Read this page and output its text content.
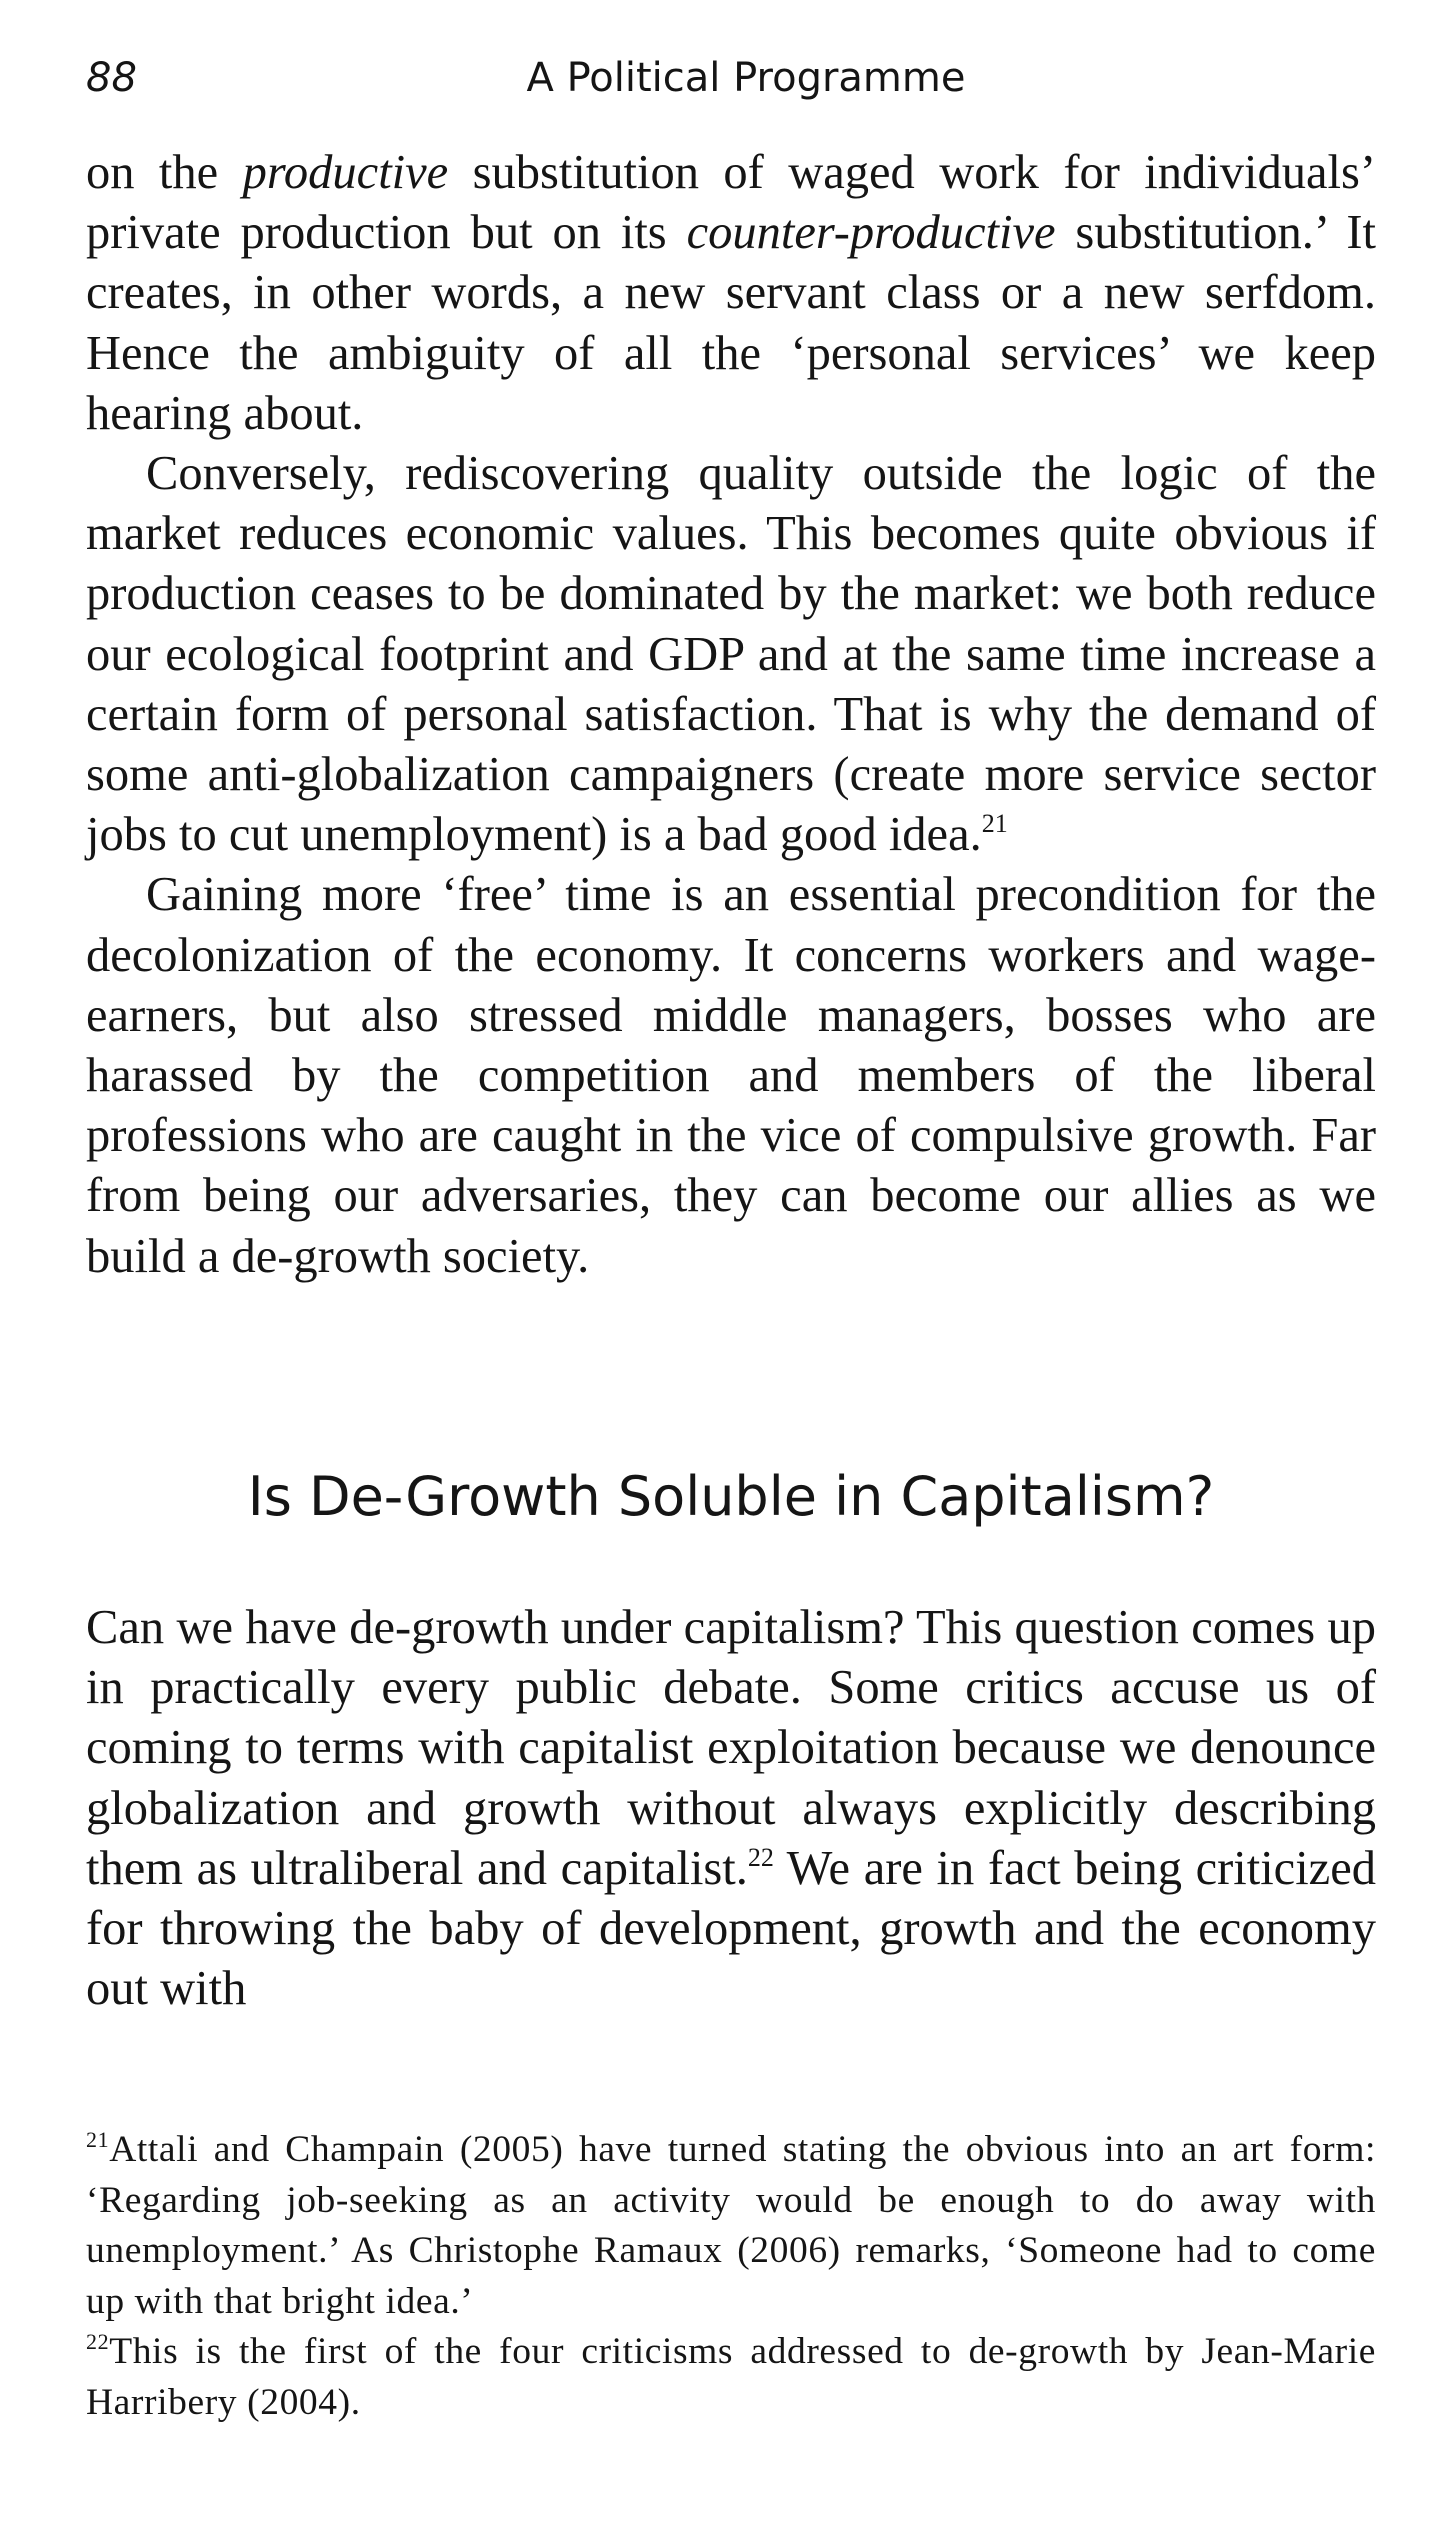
88	A Political Programme

on the productive substitution of waged work for individuals’ private production but on its counter-productive substitution.’ It creates, in other words, a new servant class or a new serfdom. Hence the ambiguity of all the ‘personal services’ we keep hearing about.

Conversely, rediscovering quality outside the logic of the market reduces economic values. This becomes quite obvious if production ceases to be dominated by the market: we both reduce our ecological footprint and GDP and at the same time increase a certain form of personal satisfaction. That is why the demand of some anti-globalization campaigners (create more service sector jobs to cut unemployment) is a bad good idea.$^{21}$

Gaining more ‘free’ time is an essential precondition for the decolonization of the economy. It concerns workers and wage-earners, but also stressed middle managers, bosses who are harassed by the competition and members of the liberal professions who are caught in the vice of compulsive growth. Far from being our adversaries, they can become our allies as we build a de-growth society.

Is De-Growth Soluble in Capitalism?

Can we have de-growth under capitalism? This question comes up in practically every public debate. Some critics accuse us of coming to terms with capitalist exploitation because we denounce globalization and growth without always explicitly describing them as ultraliberal and capitalist.$^{22}$ We are in fact being criticized for throwing the baby of development, growth and the economy out with

$^{21}$Attali and Champain (2005) have turned stating the obvious into an art form: ‘Regarding job-seeking as an activity would be enough to do away with unemployment.’ As Christophe Ramaux (2006) remarks, ‘Someone had to come up with that bright idea.’

$^{22}$This is the first of the four criticisms addressed to de-growth by Jean-Marie Harribery (2004).
